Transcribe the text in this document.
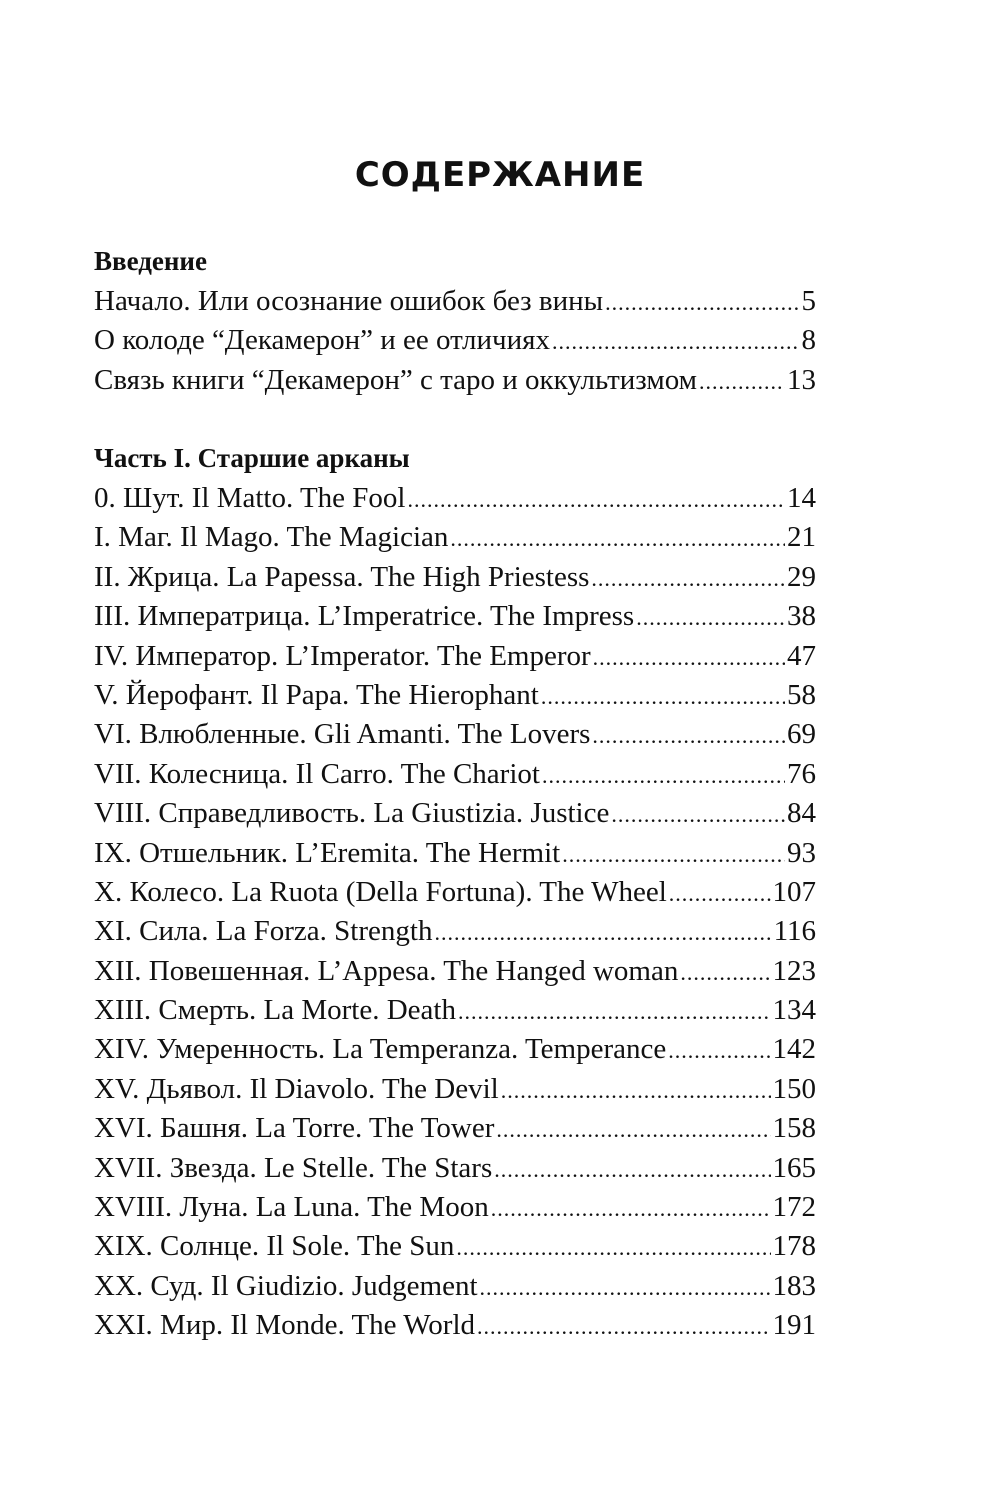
СОДЕРЖАНИЕ
Введение
Начало. Или осознание ошибок без вины .....	5
О колоде “Декамерон” и ее отличиях .....	8
Связь книги “Декамерон” с таро и оккультизмом .....	13
Часть I. Старшие арканы
0. Шут. Il Matto. The Fool .....	14
I. Маг. Il Mago. The Magician .....	21
II. Жрица. La Papessa. The High Priestess .....	29
III. Императрица. L’Imperatrice. The Impress .....	38
IV. Император. L’Imperator. The Emperor .....	47
V. Йерофант. Il Papa. The Hierophant .....	58
VI. Влюбленные. Gli Amanti. The Lovers .....	69
VII. Колесница. Il Carro. The Chariot .....	76
VIII. Справедливость. La Giustizia. Justice .....	84
IX. Отшельник. L’Eremita. The Hermit .....	93
X. Колесо. La Ruota (Della Fortuna). The Wheel .....	107
XI. Сила. La Forza. Strength .....	116
XII. Повешенная. L’Appesa. The Hanged woman .....	123
XIII. Смерть. La Morte. Death .....	134
XIV. Умеренность. La Temperanza. Temperance .....	142
XV. Дьявол. Il Diavolo. The Devil .....	150
XVI. Башня. La Torre. The Tower .....	158
XVII. Звезда. Le Stelle. The Stars .....	165
XVIII. Луна. La Luna. The Moon .....	172
XIX. Солнце. Il Sole. The Sun .....	178
XX. Суд. Il Giudizio. Judgement .....	183
XXI. Мир. Il Monde. The World .....	191
